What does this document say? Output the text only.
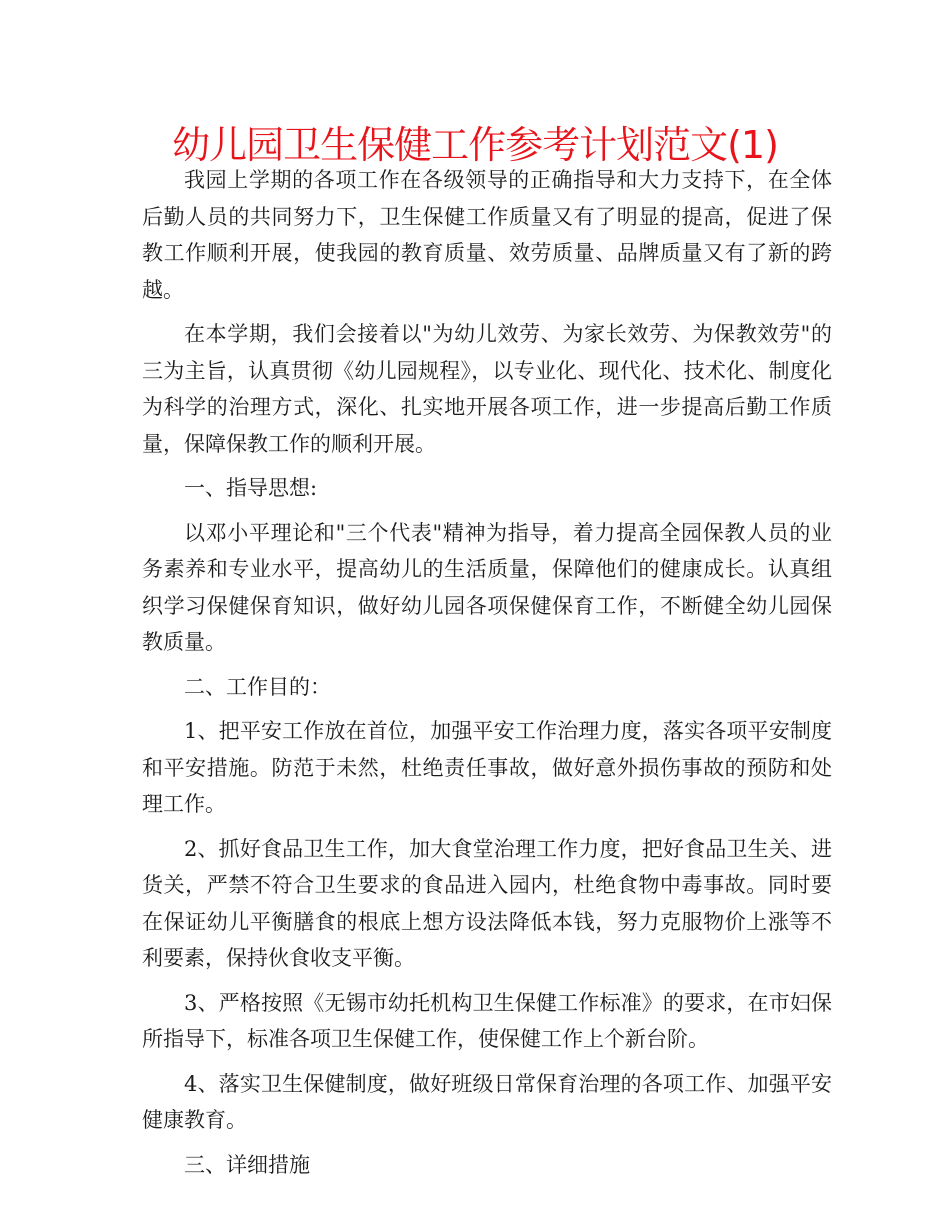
幼儿园卫生保健工作参考计划范文(1)

我园上学期的各项工作在各级领导的正确指导和大力支持下，在全体后勤人员的共同努力下，卫生保健工作质量又有了明显的提高，促进了保教工作顺利开展，使我园的教育质量、效劳质量、品牌质量又有了新的跨越。

在本学期，我们会接着以"为幼儿效劳、为家长效劳、为保教效劳"的三为主旨，认真贯彻《幼儿园规程》，以专业化、现代化、技术化、制度化为科学的治理方式，深化、扎实地开展各项工作，进一步提高后勤工作质量，保障保教工作的顺利开展。

一、指导思想:

以邓小平理论和"三个代表"精神为指导，着力提高全园保教人员的业务素养和专业水平，提高幼儿的生活质量，保障他们的健康成长。认真组织学习保健保育知识，做好幼儿园各项保健保育工作，不断健全幼儿园保教质量。

二、工作目的：

1、把平安工作放在首位，加强平安工作治理力度，落实各项平安制度和平安措施。防范于未然，杜绝责任事故，做好意外损伤事故的预防和处理工作。

2、抓好食品卫生工作，加大食堂治理工作力度，把好食品卫生关、进货关，严禁不符合卫生要求的食品进入园内，杜绝食物中毒事故。同时要在保证幼儿平衡膳食的根底上想方设法降低本钱，努力克服物价上涨等不利要素，保持伙食收支平衡。

3、严格按照《无锡市幼托机构卫生保健工作标准》的要求，在市妇保所指导下，标准各项卫生保健工作，使保健工作上个新台阶。

4、落实卫生保健制度，做好班级日常保育治理的各项工作、加强平安健康教育。

三、详细措施
